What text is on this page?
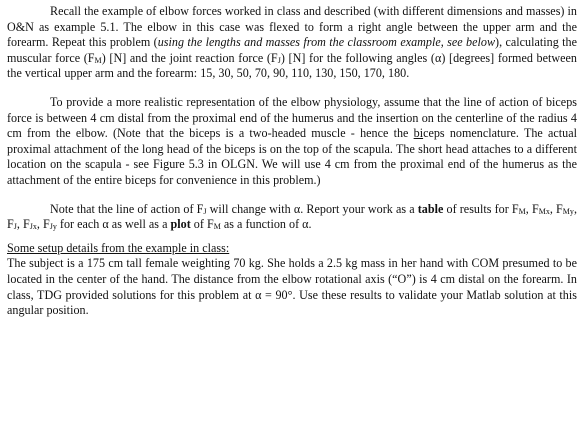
Recall the example of elbow forces worked in class and described (with different dimensions and masses) in O&N as example 5.1. The elbow in this case was flexed to form a right angle between the upper arm and the forearm. Repeat this problem (using the lengths and masses from the classroom example, see below), calculating the muscular force $(F_M)$ [N] and the joint reaction force $(F_J)$ [N] for the following angles (α) [degrees] formed between the vertical upper arm and the forearm: 15, 30, 50, 70, 90, 110, 130, 150, 170, 180.

To provide a more realistic representation of the elbow physiology, assume that the line of action of biceps force is between 4 cm distal from the proximal end of the humerus and the insertion on the centerline of the radius 4 cm from the elbow. (Note that the biceps is a two-headed muscle - hence the biceps nomenclature. The actual proximal attachment of the long head of the biceps is on the top of the scapula. The short head attaches to a different location on the scapula - see Figure 5.3 in OLGN. We will use 4 cm from the proximal end of the humerus as the attachment of the entire biceps for convenience in this problem.)

Note that the line of action of $F_J$ will change with α. Report your work as a table of results for $F_M$, $F_{Mx}$, $F_{My}$, $F_J$, $F_{Jx}$, $F_{Jy}$ for each α as well as a plot of $F_M$ as a function of α.

Some setup details from the example in class:

The subject is a 175 cm tall female weighting 70 kg. She holds a 2.5 kg mass in her hand with COM presumed to be located in the center of the hand. The distance from the elbow rotational axis (“O”) is 4 cm distal on the forearm. In class, TDG provided solutions for this problem at α = 90°. Use these results to validate your Matlab solution at this angular position.
